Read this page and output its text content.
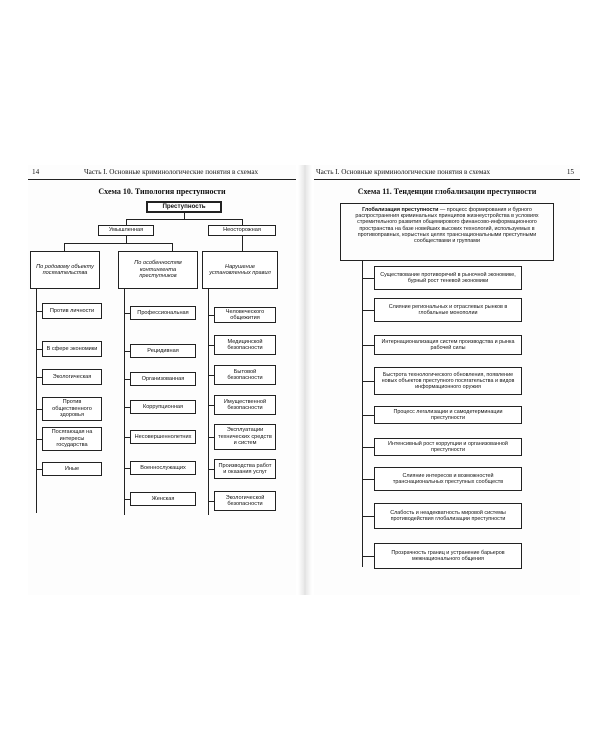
14	Часть I. Основные криминологические понятия в схемах
Схема 10. Типология преступности
Преступность
Умышленная	Неосторожная
По родовому объекту посягательства
По особенностям контингента преступников
Нарушение установленных правил
Против личности
В сфере экономики
Экологическая
Против общественного здоровья
Посягающая на интересы государства
Иные
Профессиональная
Рецидивная
Организованная
Коррупционная
Несовершеннолетних
Военнослужащих
Женская
Человеческого общежития
Медицинской безопасности
Бытовой безопасности
Имущественной безопасности
Эксплуатации технических средств и систем
Производства работ и оказания услуг
Экологической безопасности
Часть I. Основные криминологические понятия в схемах	15
Схема 11. Тенденции глобализации преступности
Глобализация преступности — процесс формирования и бурного распространения криминальных принципов жизнеустройства в условиях стремительного развития общемирового финансово-информационного пространства на базе новейших высоких технологий, используемых в противоправных, корыстных целях транснациональными преступными сообществами и группами
Существование противоречий в рыночной экономике, бурный рост теневой экономики
Слияние региональных и отраслевых рынков в глобальные монополии
Интернационализация систем производства и рынка рабочей силы
Быстрота технологического обновления, появление новых объектов преступного посягательства и видов информационного оружия
Процесс легализации и самодетерминации преступности
Интенсивный рост коррупции и организованной преступности
Слияние интересов и возможностей транснациональных преступных сообществ
Слабость и неадекватность мировой системы противодействия глобализации преступности
Прозрачность границ и устранение барьеров межнационального общения
